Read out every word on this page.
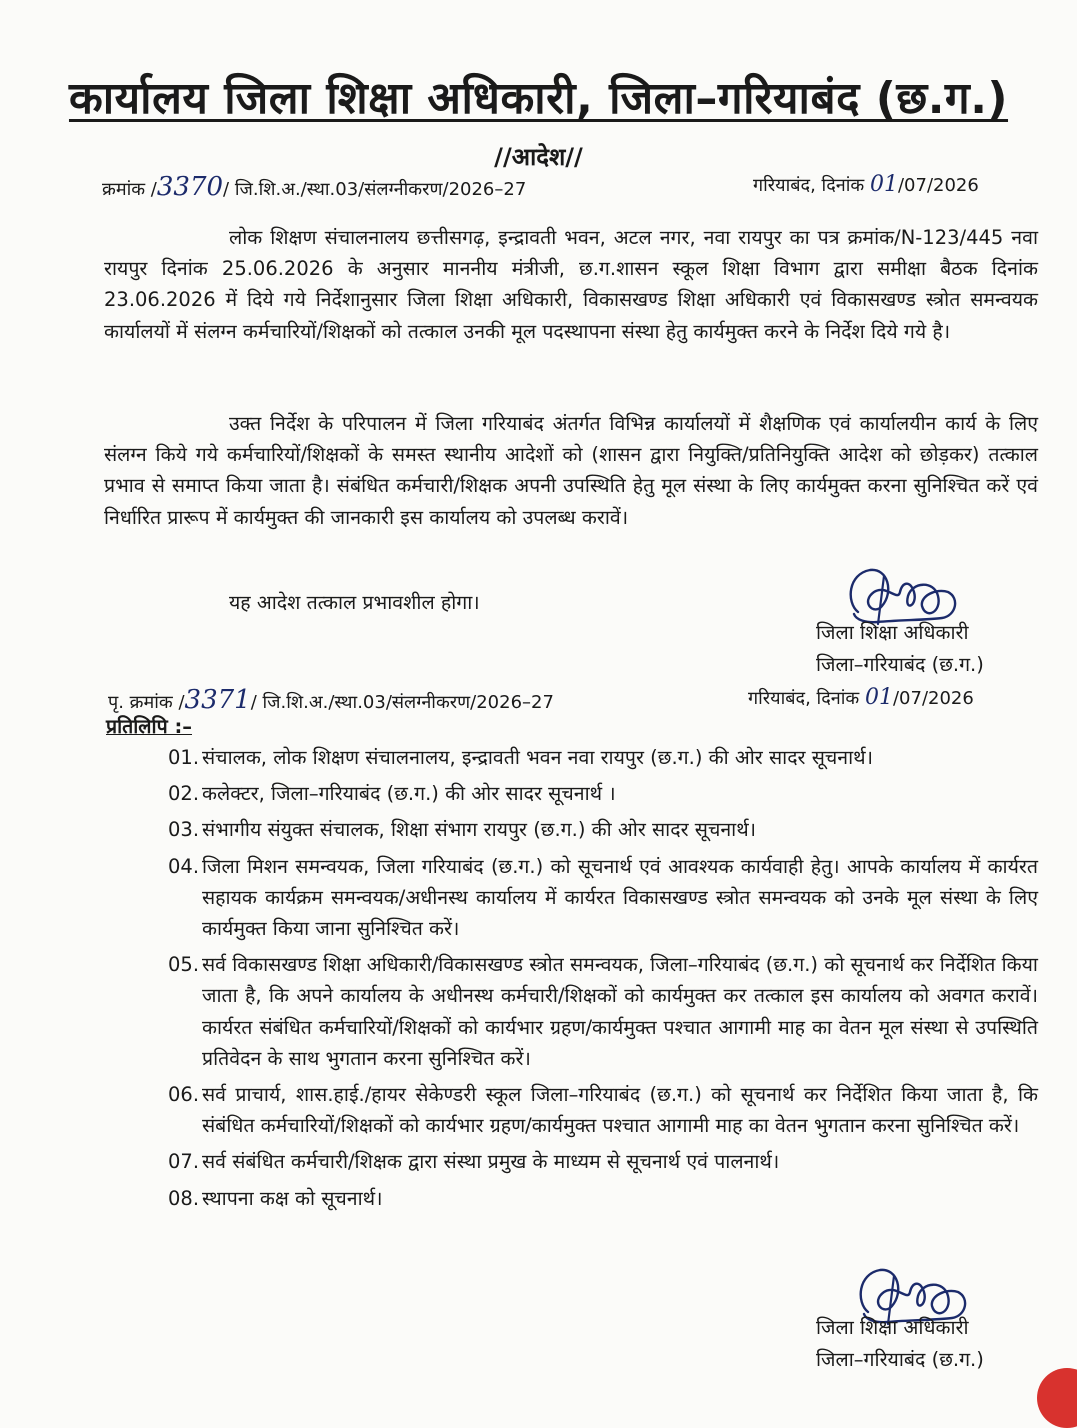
कार्यालय जिला शिक्षा अधिकारी, जिला–गरियाबंद (छ.ग.)
//आदेश//
क्रमांक /3370/ जि.शि.अ./स्था.03/संलग्नीकरण/2026–27	गरियाबंद, दिनांक 01/07/2026
लोक शिक्षण संचालनालय छत्तीसगढ़, इन्द्रावती भवन, अटल नगर, नवा रायपुर का पत्र क्रमांक/N-123/445 नवा रायपुर दिनांक 25.06.2026 के अनुसार माननीय मंत्रीजी, छ.ग.शासन स्कूल शिक्षा विभाग द्वारा समीक्षा बैठक दिनांक 23.06.2026 में दिये गये निर्देशानुसार जिला शिक्षा अधिकारी, विकासखण्ड शिक्षा अधिकारी एवं विकासखण्ड स्त्रोत समन्वयक कार्यालयों में संलग्न कर्मचारियों/शिक्षकों को तत्काल उनकी मूल पदस्थापना संस्था हेतु कार्यमुक्त करने के निर्देश दिये गये है।
उक्त निर्देश के परिपालन में जिला गरियाबंद अंतर्गत विभिन्न कार्यालयों में शैक्षणिक एवं कार्यालयीन कार्य के लिए संलग्न किये गये कर्मचारियों/शिक्षकों के समस्त स्थानीय आदेशों को (शासन द्वारा नियुक्ति/प्रतिनियुक्ति आदेश को छोड़कर) तत्काल प्रभाव से समाप्त किया जाता है। संबंधित कर्मचारी/शिक्षक अपनी उपस्थिति हेतु मूल संस्था के लिए कार्यमुक्त करना सुनिश्चित करें एवं निर्धारित प्रारूप में कार्यमुक्त की जानकारी इस कार्यालय को उपलब्ध करावें।
यह आदेश तत्काल प्रभावशील होगा।
जिला शिक्षा अधिकारी
जिला–गरियाबंद (छ.ग.)
पृ. क्रमांक /3371/ जि.शि.अ./स्था.03/संलग्नीकरण/2026–27	गरियाबंद, दिनांक 01/07/2026
प्रतिलिपि :–
01. संचालक, लोक शिक्षण संचालनालय, इन्द्रावती भवन नवा रायपुर (छ.ग.) की ओर सादर सूचनार्थ।
02. कलेक्टर, जिला–गरियाबंद (छ.ग.) की ओर सादर सूचनार्थ ।
03. संभागीय संयुक्त संचालक, शिक्षा संभाग रायपुर (छ.ग.) की ओर सादर सूचनार्थ।
04. जिला मिशन समन्वयक, जिला गरियाबंद (छ.ग.) को सूचनार्थ एवं आवश्यक कार्यवाही हेतु। आपके कार्यालय में कार्यरत सहायक कार्यक्रम समन्वयक/अधीनस्थ कार्यालय में कार्यरत विकासखण्ड स्त्रोत समन्वयक को उनके मूल संस्था के लिए कार्यमुक्त किया जाना सुनिश्चित करें।
05. सर्व विकासखण्ड शिक्षा अधिकारी/विकासखण्ड स्त्रोत समन्वयक, जिला–गरियाबंद (छ.ग.) को सूचनार्थ कर निर्देशित किया जाता है, कि अपने कार्यालय के अधीनस्थ कर्मचारी/शिक्षकों को कार्यमुक्त कर तत्काल इस कार्यालय को अवगत करावें। कार्यरत संबंधित कर्मचारियों/शिक्षकों को कार्यभार ग्रहण/कार्यमुक्त पश्चात आगामी माह का वेतन मूल संस्था से उपस्थिति प्रतिवेदन के साथ भुगतान करना सुनिश्चित करें।
06. सर्व प्राचार्य, शास.हाई./हायर सेकेण्डरी स्कूल जिला–गरियाबंद (छ.ग.) को सूचनार्थ कर निर्देशित किया जाता है, कि संबंधित कर्मचारियों/शिक्षकों को कार्यभार ग्रहण/कार्यमुक्त पश्चात आगामी माह का वेतन भुगतान करना सुनिश्चित करें।
07. सर्व संबंधित कर्मचारी/शिक्षक द्वारा संस्था प्रमुख के माध्यम से सूचनार्थ एवं पालनार्थ।
08. स्थापना कक्ष को सूचनार्थ।
जिला शिक्षा अधिकारी
जिला–गरियाबंद (छ.ग.)
